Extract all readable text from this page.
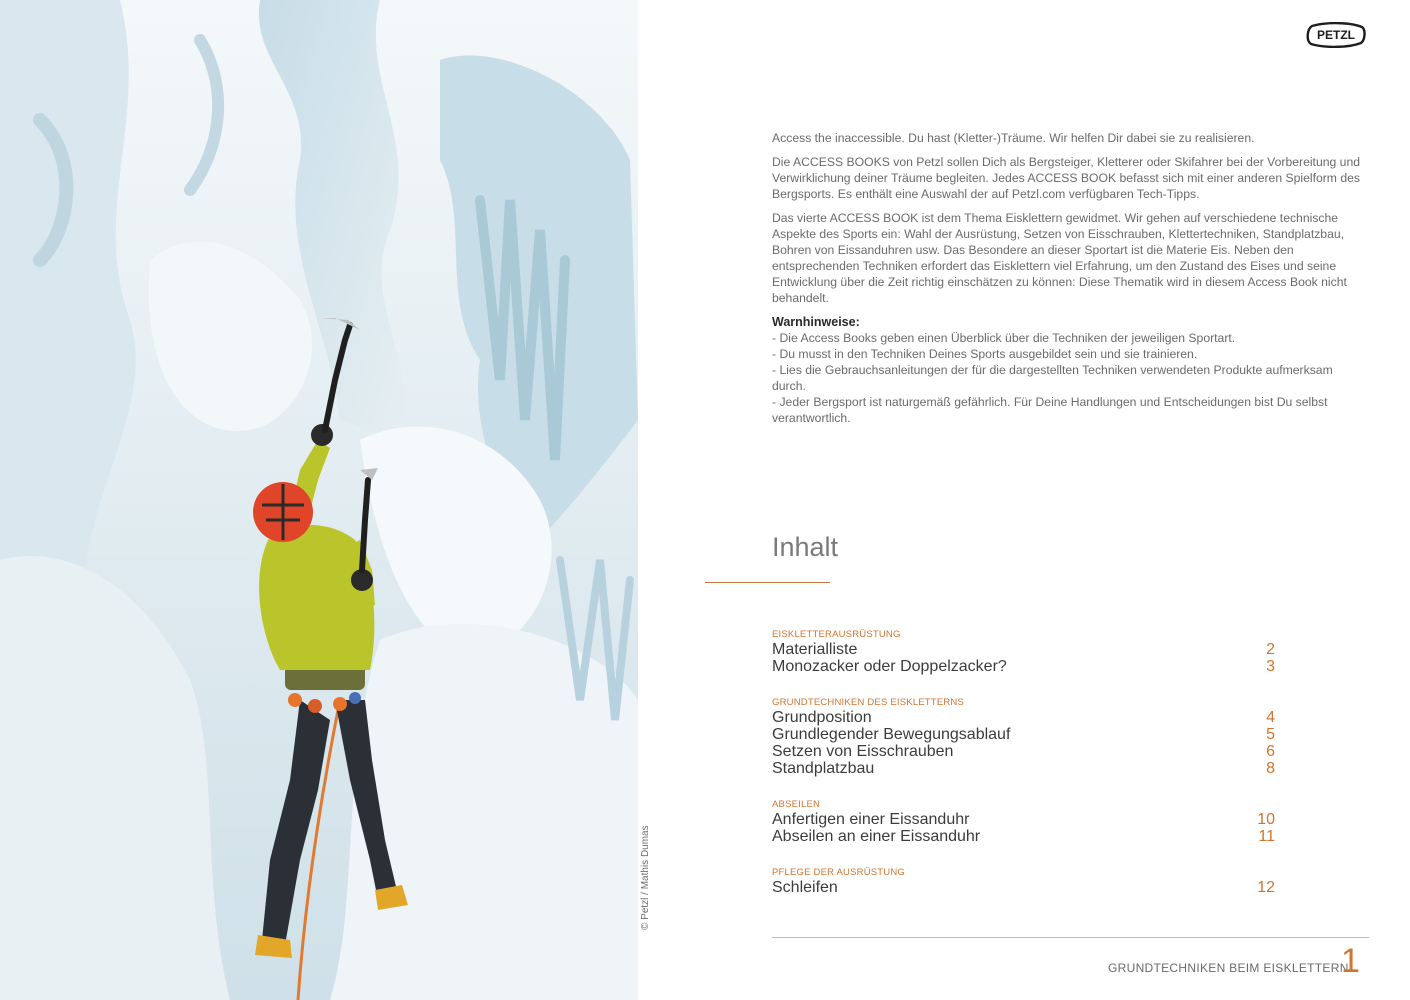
© Petzl / Mathis Dumas
PETZL

Access the inaccessible. Du hast (Kletter-)Träume. Wir helfen Dir dabei sie zu realisieren.

Die ACCESS BOOKS von Petzl sollen Dich als Bergsteiger, Kletterer oder Skifahrer bei der Vorbereitung und Verwirklichung deiner Träume begleiten. Jedes ACCESS BOOK befasst sich mit einer anderen Spielform des Bergsports. Es enthält eine Auswahl der auf Petzl.com verfügbaren Tech-Tipps.

Das vierte ACCESS BOOK ist dem Thema Eisklettern gewidmet. Wir gehen auf verschiedene technische Aspekte des Sports ein: Wahl der Ausrüstung, Setzen von Eisschrauben, Klettertechniken, Standplatzbau, Bohren von Eissanduhren usw. Das Besondere an dieser Sportart ist die Materie Eis. Neben den entsprechenden Techniken erfordert das Eisklettern viel Erfahrung, um den Zustand des Eises und seine Entwicklung über die Zeit richtig einschätzen zu können: Diese Thematik wird in diesem Access Book nicht behandelt.

Warnhinweise:

- Die Access Books geben einen Überblick über die Techniken der jeweiligen Sportart.

- Du musst in den Techniken Deines Sports ausgebildet sein und sie trainieren.

- Lies die Gebrauchsanleitungen der für die dargestellten Techniken verwendeten Produkte aufmerksam durch.

- Jeder Bergsport ist naturgemäß gefährlich. Für Deine Handlungen und Entscheidungen bist Du selbst verantwortlich.

Inhalt
EISKLETTERAUSRÜSTUNG
Materialliste	2
Monozacker oder Doppelzacker?	3
GRUNDTECHNIKEN DES EISKLETTERNS
Grundposition	4
Grundlegender Bewegungsablauf	5
Setzen von Eisschrauben	6
Standplatzbau	8
ABSEILEN
Anfertigen einer Eissanduhr	10
Abseilen an einer Eissanduhr	11
PFLEGE DER AUSRÜSTUNG
Schleifen	12
GRUNDTECHNIKEN BEIM EISKLETTERN
1
